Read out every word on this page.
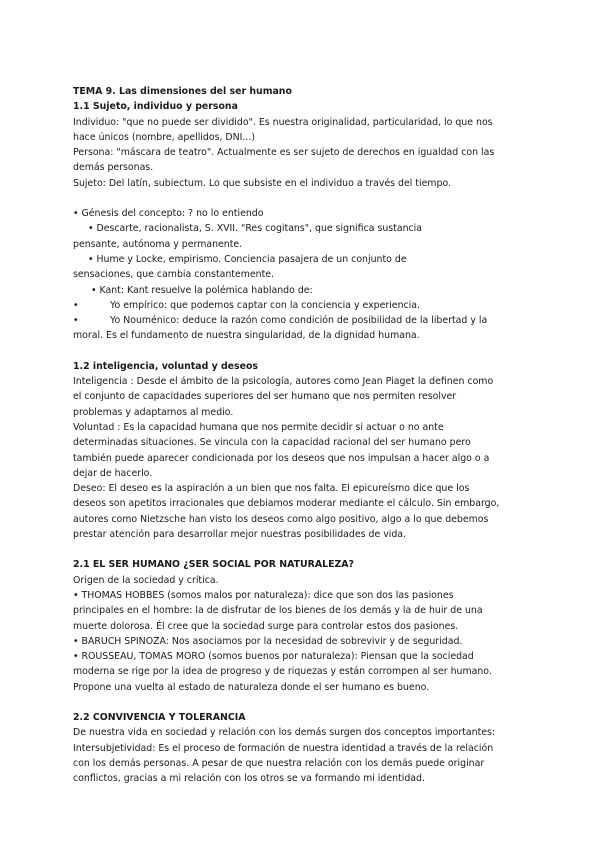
TEMA 9. Las dimensiones del ser humano

1.1 Sujeto, individuo y persona

Individuo: "que no puede ser dividido". Es nuestra originalidad, particularidad, lo que nos

hace únicos (nombre, apellidos, DNI...)

Persona: "máscara de teatro". Actualmente es ser sujeto de derechos en igualdad con las

demás personas.

Sujeto: Del latín, subiectum. Lo que subsiste en el individuo a través del tiempo.

• Génesis del concepto: ? no lo entiendo

• Descarte, racionalista, S. XVII. "Res cogitans", que significa sustancia

pensante, autónoma y permanente.

• Hume y Locke, empirismo. Conciencia pasajera de un conjunto de

sensaciones, que cambia constantemente.

• Kant: Kant resuelve la polémica hablando de:

•	Yo empírico: que podemos captar con la conciencia y experiencia.
•	Yo Nouménico: deduce la razón como condición de posibilidad de la libertad y la

moral. Es el fundamento de nuestra singularidad, de la dignidad humana.

1.2 inteligencia, voluntad y deseos

Inteligencia : Desde el ámbito de la psicología, autores como Jean Piaget la definen como

el conjunto de capacidades superiores del ser humano que nos permiten resolver

problemas y adaptarnos al medio.

Voluntad : Es la capacidad humana que nos permite decidir si actuar o no ante

determinadas situaciones. Se vincula con la capacidad racional del ser humano pero

también puede aparecer condicionada por los deseos que nos impulsan a hacer algo o a

dejar de hacerlo.

Deseo: El deseo es la aspiración a un bien que nos falta. El epicureísmo dice que los

deseos son apetitos irracionales que debiamos moderar mediante el cálculo. Sin embargo,

autores como Nietzsche han visto los deseos como algo positivo, algo a lo que debemos

prestar atención para desarrollar mejor nuestras posibilidades de vida.

2.1 EL SER HUMANO ¿SER SOCIAL POR NATURALEZA?

Origen de la sociedad y crítica.

• THOMAS HOBBES (somos malos por naturaleza): dice que son dos las pasiones

principales en el hombre: la de disfrutar de los bienes de los demás y la de huir de una

muerte dolorosa. Él cree que la sociedad surge para controlar estos dos pasiones.

• BARUCH SPINOZA: Nos asociamos por la necesidad de sobrevivir y de seguridad.

• ROUSSEAU, TOMAS MORO (somos buenos por naturaleza): Piensan que la sociedad

moderna se rige por la idea de progreso y de riquezas y están corrompen al ser humano.

Propone una vuelta al estado de naturaleza donde el ser humano es bueno.

2.2 CONVIVENCIA Y TOLERANCIA

De nuestra vida en sociedad y relación con los demás surgen dos conceptos importantes:

Intersubjetividad: Es el proceso de formación de nuestra identidad a través de la relación

con los demás personas. A pesar de que nuestra relación con los demás puede originar

conflictos, gracias a mi relación con los otros se va formando mi identidad.
